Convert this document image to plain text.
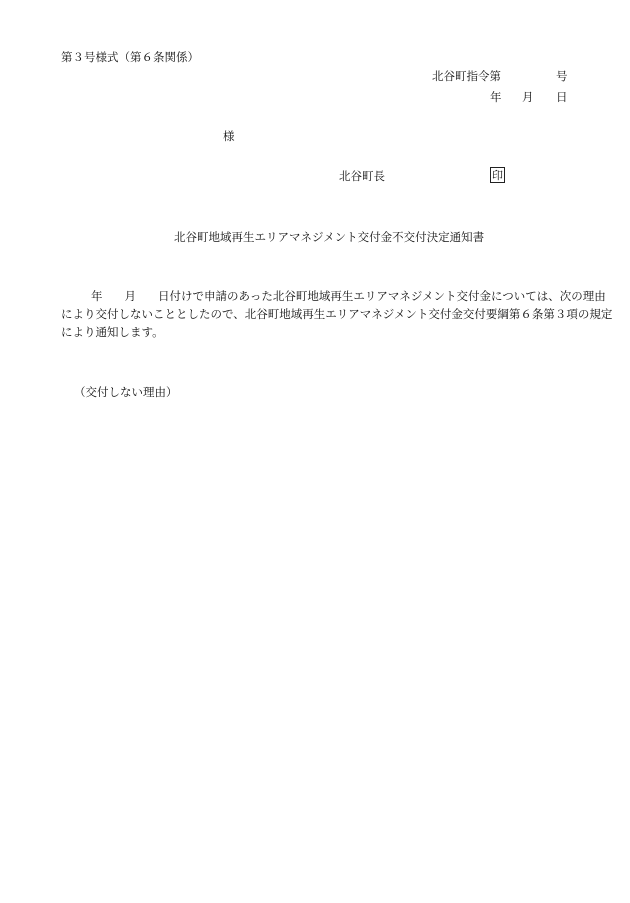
第３号様式（第６条関係）
北谷町指令第	号
年 月 日
様
北谷町長	印
北谷町地域再生エリアマネジメント交付金不交付決定通知書
年 月 日付けで申請のあった北谷町地域再生エリアマネジメント交付金については、次の理由
により交付しないこととしたので、北谷町地域再生エリアマネジメント交付金交付要綱第６条第３項の規定
により通知します。
（交付しない理由）
